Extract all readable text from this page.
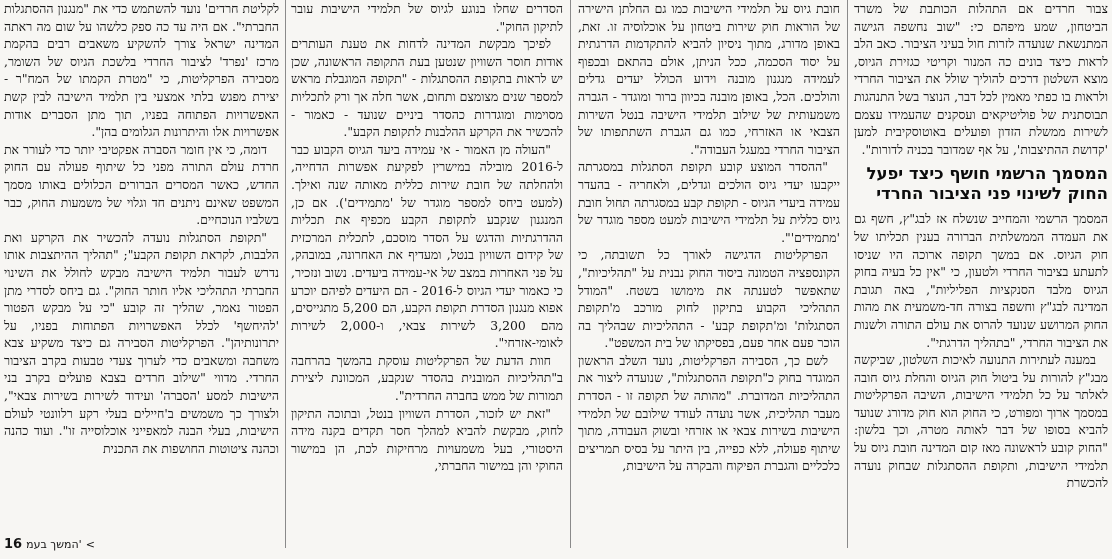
צבור חרדים אם התהלות הכותבת של משרד הביטחון, שמע מיפהם כי: "שוב נחשפה הגישה המתנשאת שנועדה לזרות חול בעיני הציבור. כאב הלב לראות כיצד בונים כה המנור וקריטי כגזירת הגיוס, מוצא השלטון דרכים להוליך שולל את הציבור החרדי ולראות בו כפתי מאמין לכל דבר, הנוצר בשל התנהגות תבוסתנית של פוליטיקאים ועסקנים שהעמידו עצמם לשירות ממשלת הזדון ופועלים באוטוסקיבית למען 'קדושת ההתיצבות', על אף שמדובר בכניה לדורות".

המסמך הרשמי חושף כיצד יפעל החוק לשינוי פני הציבור החרדי

המסמך הרשמי והמחייב שנשלח אז לבג"ץ, חשף גם את העמדה הממשלתית הברורה בענין תכליתו של חוק הגיוס. אם במשך תקופה ארוכה היו שניסו לתעתע בציבור החרדי ולטעון, כי "אין כל בעיה בחוק הגיוס מלבד הסנקציות הפליליות", באה תגובת המדינה לבג"ץ וחשפה בצורה חד-משמעית את מהות החוק המרושע שנועד להרוס את עולם התורה ולשנות את הציבור החרדי, "בתהליך הדרגתי".

במענה לעתירות התנועה לאיכות השלטון, שביקשה מבג"ץ להורות על ביטול חוק הגיוס והחלת גיוס חובה לאלתר על כל תלמידי הישיבות, השיבה הפרקליטות במסמך ארוך ומפורט, כי החוק הוא חוק מדורג שנועד להביא בסופו של דבר לאותה מטרה, וכך בלשון: "החוק קובע לראשונה מאז קום המדינה חובת גיוס על תלמידי הישיבות, ותקופת ההסתגלות שבחוק נועדה להכשרת

חובת גיוס על תלמידי הישיבות כמו גם החלתן הישירה של הוראות חוק שירות ביטחון על אוכלוסיה זו. זאת, באופן מדורג, מתוך ניסיון להביא להתקדמות הדרגתית על יסוד הסכמה, ככל הניתן, אולם בהתאם ובכפוף לעמידה מנגנון מובנה וידוע הכולל יעדים גדלים והולכים. הכל, באופן מובנה בכיוון ברור ומוגדר - הגברה משמעותית של שילוב תלמידי הישיבה בנטל השירות הצבאי או האזרחי, כמו גם הגברת השתתפותו של הציבור החרדי במעגל העבודה".

"ההסדר המוצע קובע תקופת הסתגלות במסגרתה ייקבעו יעדי גיוס הולכים וגדלים, ולאחריה - בהעדר עמידה ביעדי הגיוס - תקופת קבע במסגרתה תחול חובת גיוס כללית על תלמידי הישיבות למעט מספר מוגדר של 'מתמידים'".

הפרקליטות הדגישה לאורך כל תשובתה, כי הקונספציה הטמונה ביסוד החוק נבנית על "תהליכיות", שתאפשר לטענתה את מימושו בשטח. "המודל התהליכי הקבוע בתיקון לחוק מורכב מ'תקופת הסתגלות' ומ'תקופת קבע' - התהליכיות שבהליך בה הוכר פעם אחר פעם, בפסיקתו של בית המשפט".

לשם כך, הסבירה הפרקליטות, נועד השלב הראשון המוגדר בחוק כ"תקופת ההסתגלות", שנועדה ליצור את התהליכיות המדוברת. "מהותה של תקופה זו - הסדרת מעבר תהליכית, אשר נועדה לעודד שילובם של תלמידי הישיבות בשירות צבאי או אזרחי ובשוק העבודה, מתוך שיתוף פעולה, ללא כפייה, בין היתר על בסיס תמריצים כלכליים והגברת הפיקוח והבקרה על הישיבות,

הסדרים שחלו בנוגע לגיוס של תלמידי הישיבות עובר לתיקון החוק".

לפיכך מבקשת המדינה לדחות את טענת העותרים אודות חוסר השוויון שנטען בעת התקופה הראשונה, שכן יש לראות בתקופת ההסתגלות - "תקופה המוגבלת מראש למספר שנים מצומצם ותחום, אשר חלה אך ורק לתכליות מסוימות ומוגדרות כהסדר ביניים שנועד - כאמור - להכשיר את הקרקע ההלבנות לתקופת הקבע".

"העולה מן האמור - אי עמידה ביעד הגיוס הקבוע כבר ל-2016 מובילה במישרין לפקיעת אפשרות הדחייה, ולהחלתה של חובת שירות כללית מאותה שנה ואילך. (למעט ביחס למספר מוגדר של 'מתמידים'). אם כן, המנגנון שנקבע לתקופת הקבע מכפיף את תכליות ההדרגתיות והדגש על הסדר מוסכם, לתכלית המרכזית של קידום השוויון בנטל, ומעדיף את האחרונה, במובהק, על פני האחרות במצב של אי-עמידה ביעדים. נשוב ונזכיר, כי כאמור יעדי הגיוס ל-2016 - הם היעדים לפיהם יוכרע אפוא מנגנון הסדרת תקופת הקבע, הם 5,200 מתגייסים, מהם 3,200 לשירות צבאי, ו-2,000 לשירות לאומי-אזרחי".

חוות הדעת של הפרקליטות עוסקת בהמשך בהרחבה ב"תהליכיות המובנית בהסדר שנקבע, המכוונת ליצירת תמורות של ממש בחברה החרדית".

"זאת יש לזכור, הסדרת השוויון בנטל, ובתוכה התיקון לחוק, מבקשת להביא למהלך חסר תקדים בקנה מידה היסטורי, בעל משמעויות מרחיקות לכת, הן במישור החוקי והן במישור החברתי,

לקליטת חרדים' נועד להשתמש כדי את "מנגנון ההסתגלות החברתי". אם היה עד כה ספק כלשהו על שום מה ראתה המדינה ישראל צורך להשקיע משאבים רבים בהקמת מרכז 'נפרד' לציבור החרדי בלשכת הגיוס של השומר, מסבירה הפרקליטות, כי "מטרת הקמתו של המח"ר - יצירת מפגש בלתי אמצעי בין תלמיד הישיבה לבין קשת האפשרויות הפתוחה בפניו, תוך מתן הסברים אודות אפשרויות אלו והיתרונות הגלומים בהן".

דומה, כי אין חומר הסברה אפקטיבי יותר כדי לעורר את חרדת עולם התורה מפני כל שיתוף פעולה עם החוק החדש, כאשר המסרים הברורים הכלולים באותו מסמך המשפט שאינם ניתנים חד וגלוי של משמעות החוק, כבר בשלביו הנוכחיים.

"תקופת הסתגלות נועדה להכשיר את הקרקע ואת הלבבות, לקראת תקופת הקבע"; "תהליך ההיתצבות אותו נדרש לעבור תלמיד הישיבה מבקש לחולל את השינוי החברתי התהליכי אליו חותר החוק". גם ביחס לסדרי מתן הפטור נאמר, שהליך זה קובע "כי על מבקש הפטור 'להיחשף' לכלל האפשרויות הפתוחות בפניו, על יתרונותיהן". הפרקליטות הסבירה גם כיצד משקיע צבא משחבה ומשאבים כדי לערוך צעדי טבעות בקרב הציבור החרדי. מדווי "שילוב חרדים בצבא פועלים בקרב בני הישיבות למסע 'הסברה' ועידוד לשירות בשירות צבאי", ולצורך כך משמשים ב'חיילים בעלי רקע רלוונטי לעולם הישיבות, בעלי הבנה למאפייני אוכלוסייה זו". ועוד כהנה וכהנה ציטוטות החושפות את התכנית

16 המשך בעמ' <
